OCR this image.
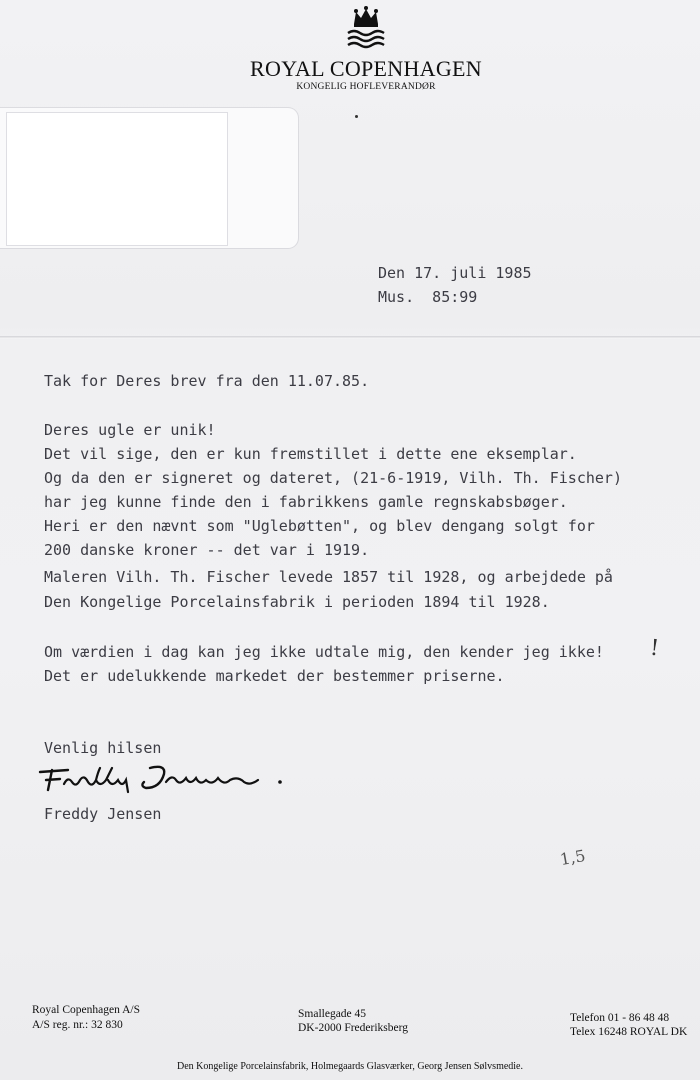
ROYAL COPENHAGEN
KONGELIG HOFLEVERANDØR
Den 17. juli 1985
Mus.  85:99
Tak for Deres brev fra den 11.07.85.
Deres ugle er unik!
Det vil sige, den er kun fremstillet i dette ene eksemplar.
Og da den er signeret og dateret, (21-6-1919, Vilh. Th. Fischer)
har jeg kunne finde den i fabrikkens gamle regnskabsbøger.
Heri er den nævnt som "Uglebøtten", og blev dengang solgt for
200 danske kroner -- det var i 1919.
Maleren Vilh. Th. Fischer levede 1857 til 1928, og arbejdede på
Den Kongelige Porcelainsfabrik i perioden 1894 til 1928.
Om værdien i dag kan jeg ikke udtale mig, den kender jeg ikke!
Det er udelukkende markedet der bestemmer priserne.
!
Venlig hilsen
Freddy Jensen
1,5
Royal Copenhagen A/S
A/S reg. nr.: 32 830
Smallegade 45
DK-2000 Frederiksberg
Telefon 01 - 86 48 48
Telex 16248 ROYAL DK
Den Kongelige Porcelainsfabrik, Holmegaards Glasværker, Georg Jensen Sølvsmedie.
